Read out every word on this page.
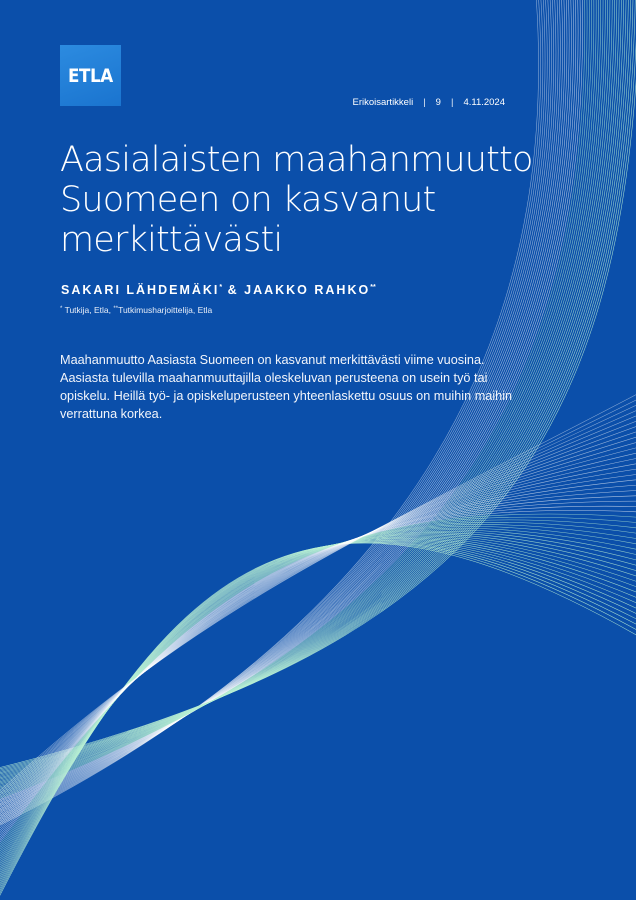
ETLA
Erikoisartikkeli | 9 | 4.11.2024
Aasialaisten maahanmuutto
Suomeen on kasvanut
merkittävästi
SAKARI LÄHDEMÄKI* & JAAKKO RAHKO**
* Tutkija, Etla, **Tutkimusharjoittelija, Etla

Maahanmuutto Aasiasta Suomeen on kasvanut merkittävästi viime vuosina. Aasiasta tulevilla maahanmuuttajilla oleskeluvan perusteena on usein työ tai opiskelu. Heillä työ- ja opiskeluperusteen yhteenlaskettu osuus on muihin maihin verrattuna korkea.
